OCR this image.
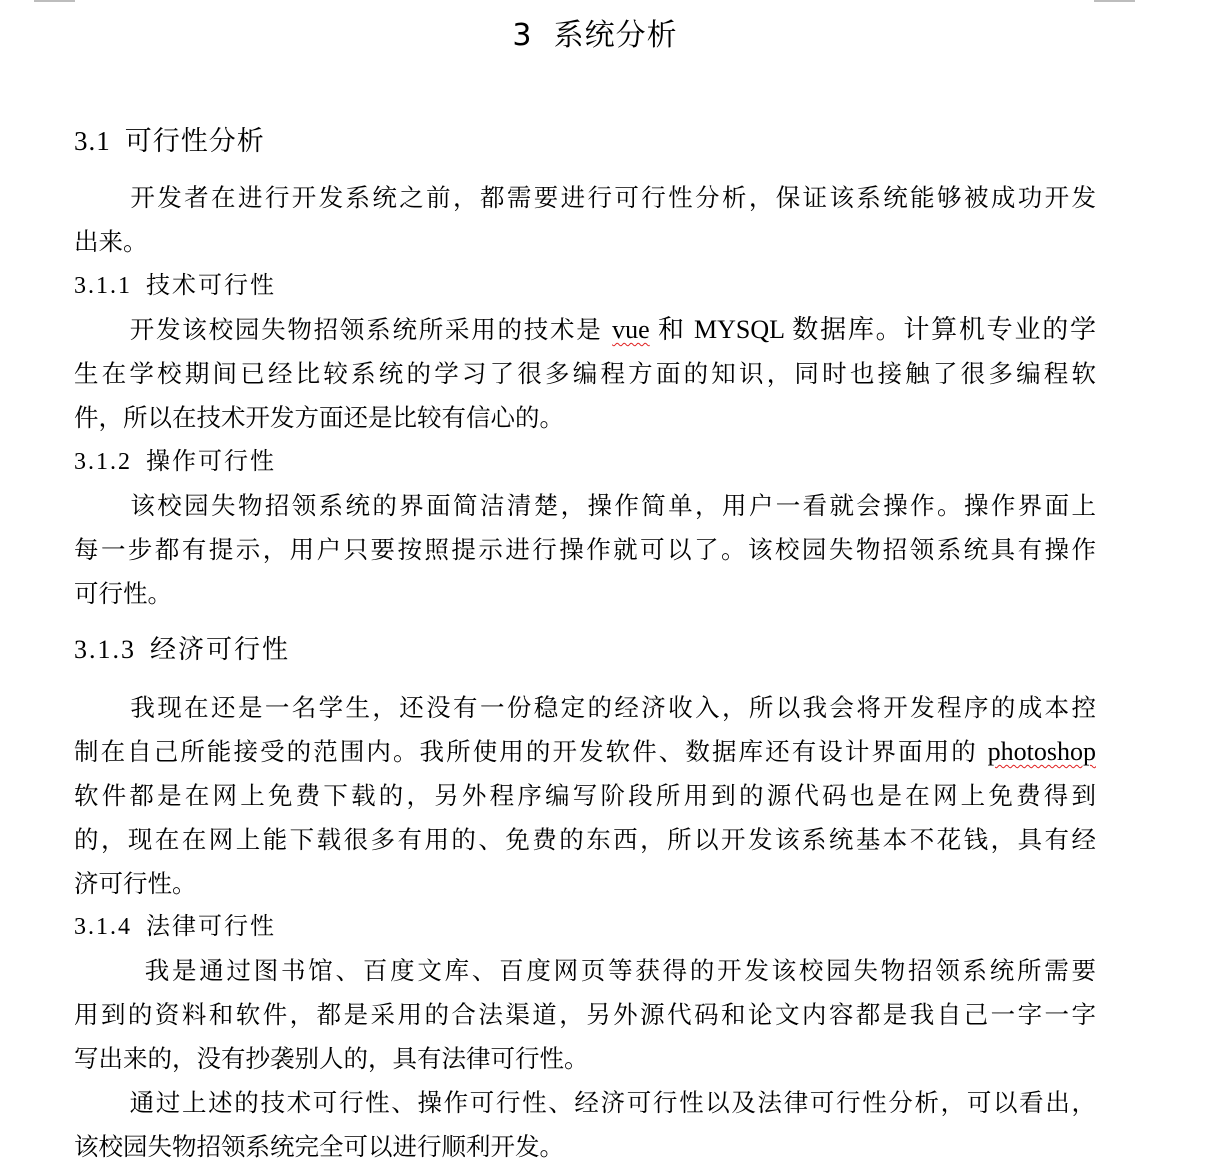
3 系统分析
3.1 可行性分析
开发者在进行开发系统之前，都需要进行可行性分析，保证该系统能够被成功开发
出来。
3.1.1 技术可行性
开发该校园失物招领系统所采用的技术是 vue 和 MYSQL 数据库。计算机专业的学
生在学校期间已经比较系统的学习了很多编程方面的知识，同时也接触了很多编程软
件，所以在技术开发方面还是比较有信心的。
3.1.2 操作可行性
该校园失物招领系统的界面简洁清楚，操作简单，用户一看就会操作。操作界面上
每一步都有提示，用户只要按照提示进行操作就可以了。该校园失物招领系统具有操作
可行性。
3.1.3 经济可行性
我现在还是一名学生，还没有一份稳定的经济收入，所以我会将开发程序的成本控
制在自己所能接受的范围内。我所使用的开发软件、数据库还有设计界面用的 photoshop
软件都是在网上免费下载的，另外程序编写阶段所用到的源代码也是在网上免费得到
的，现在在网上能下载很多有用的、免费的东西，所以开发该系统基本不花钱，具有经
济可行性。
3.1.4 法律可行性
我是通过图书馆、百度文库、百度网页等获得的开发该校园失物招领系统所需要
用到的资料和软件，都是采用的合法渠道，另外源代码和论文内容都是我自己一字一字
写出来的，没有抄袭别人的，具有法律可行性。
通过上述的技术可行性、操作可行性、经济可行性以及法律可行性分析，可以看出，
该校园失物招领系统完全可以进行顺利开发。
